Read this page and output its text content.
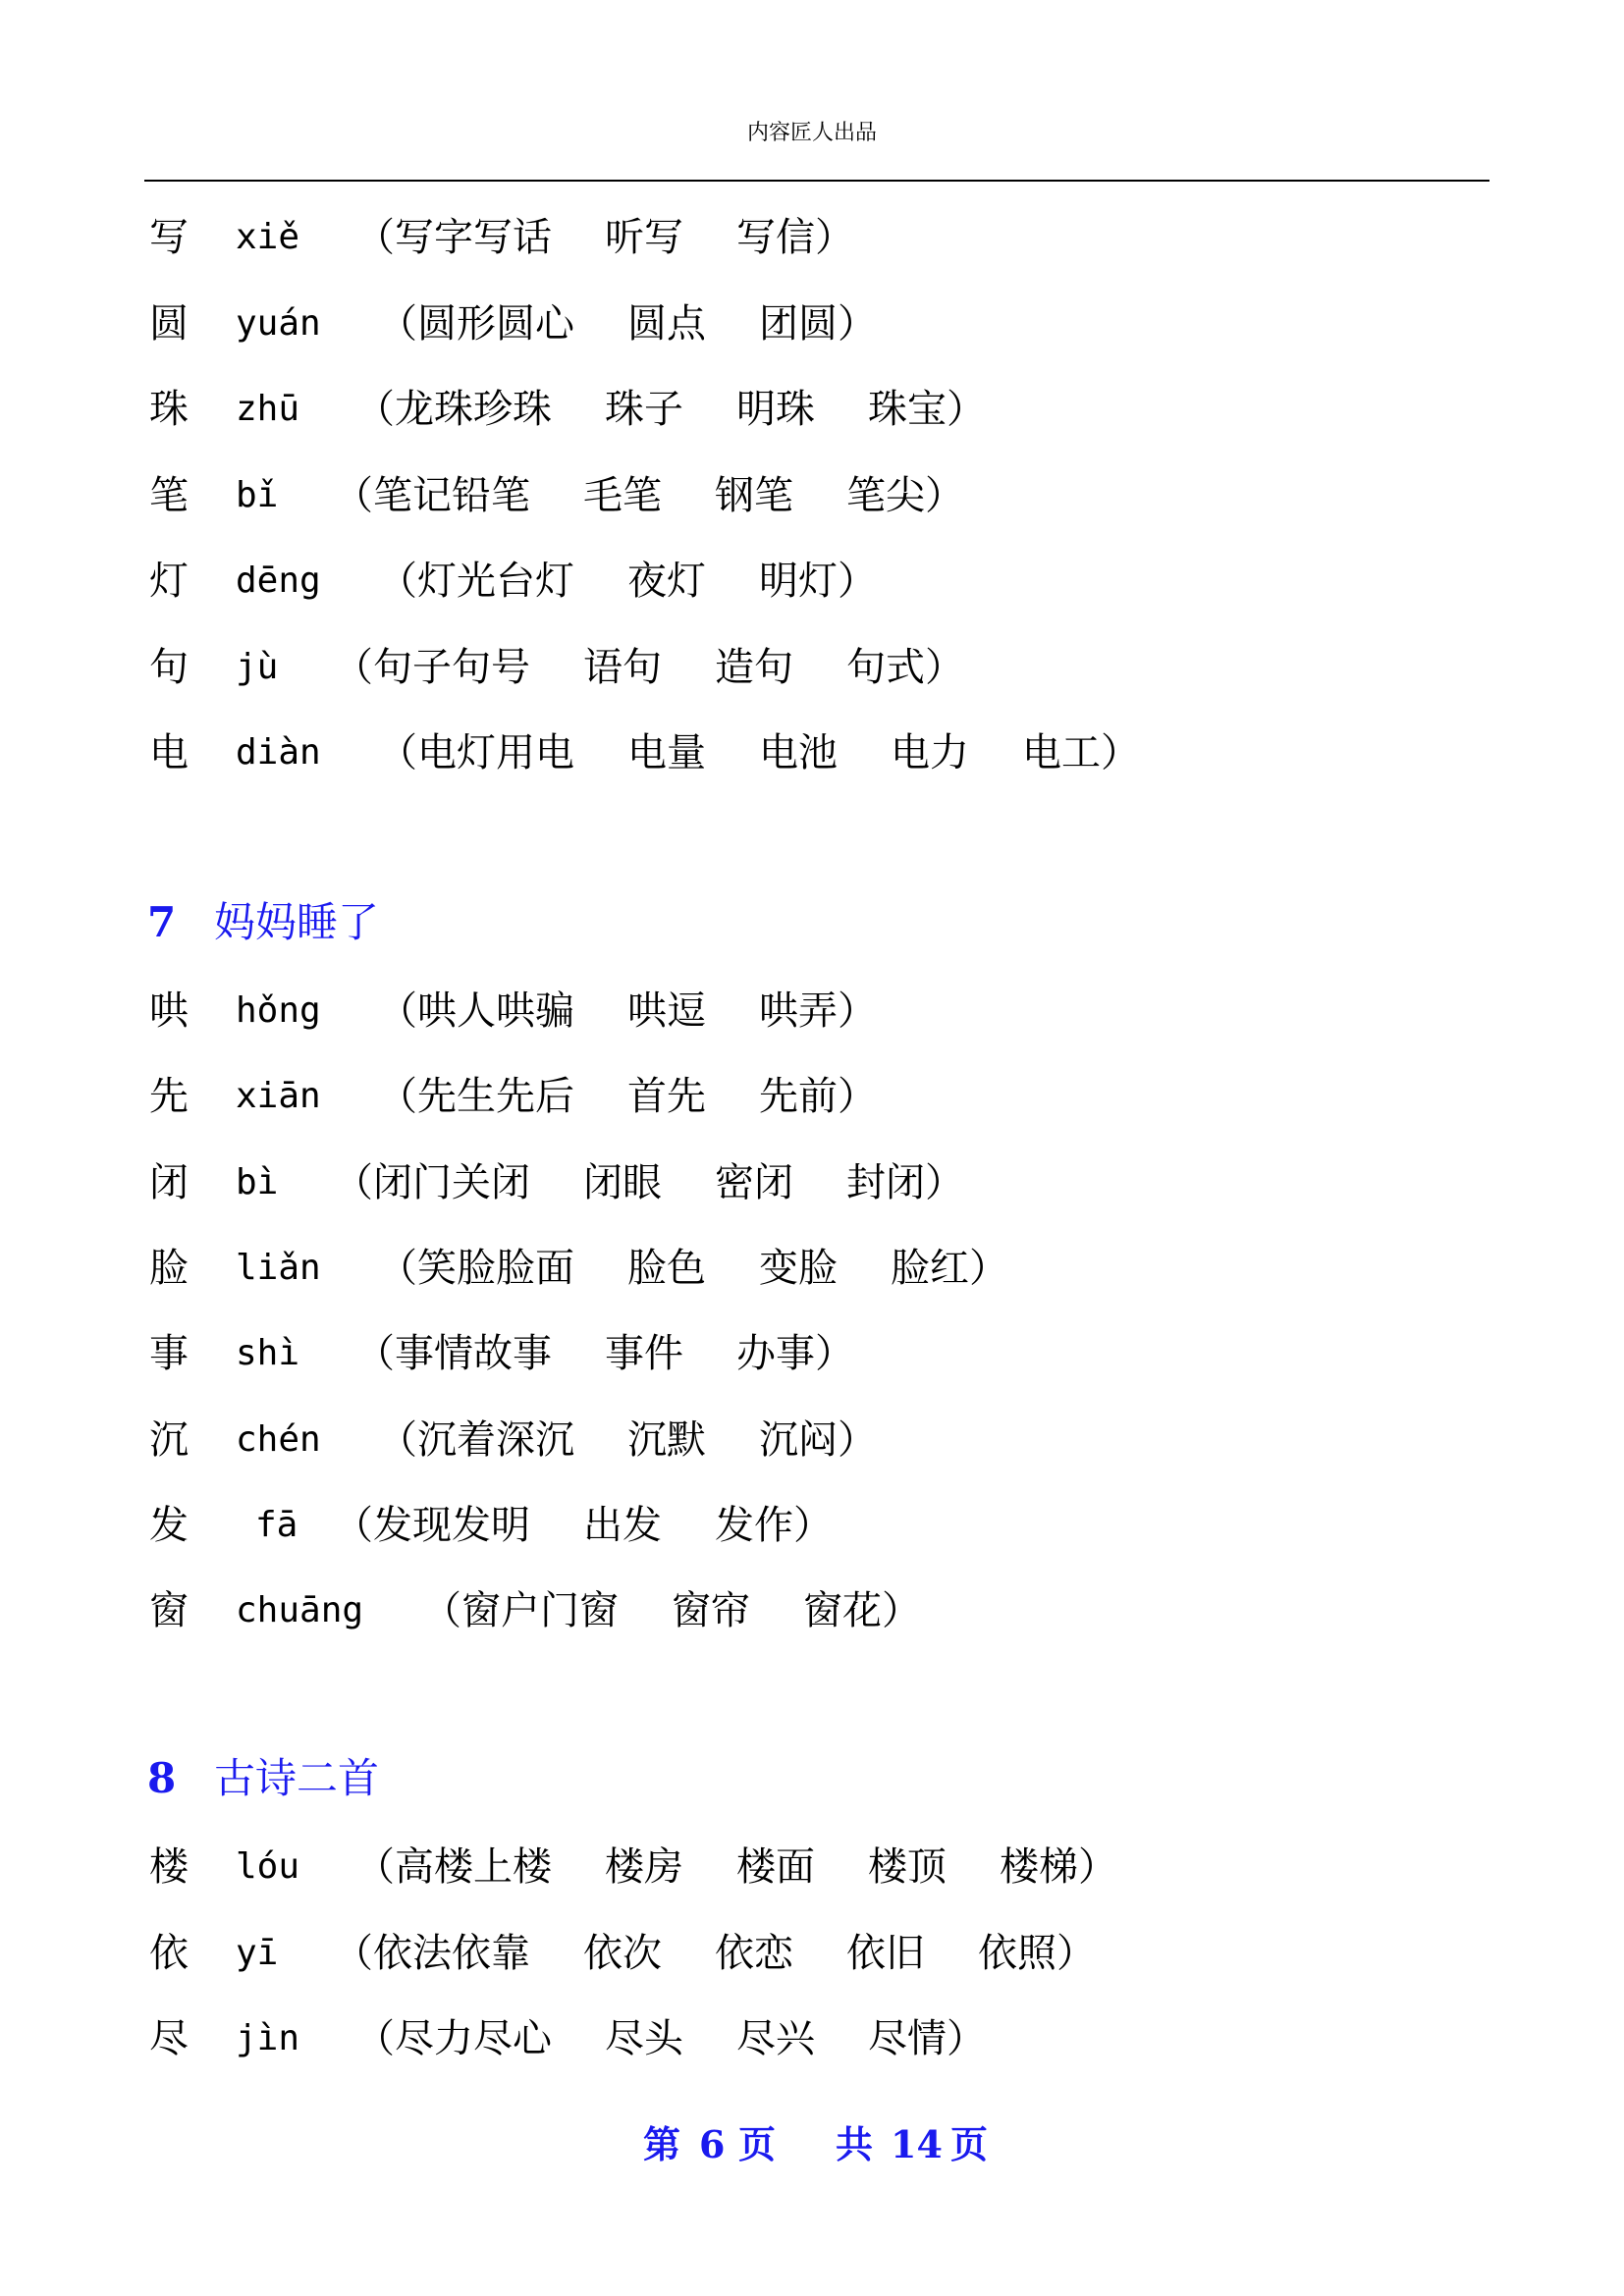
内容匠人出品
写 xiě （写字 写话 听写 写信）
圆 yuán （圆形 圆心 圆点 团圆）
珠 zhū （龙珠 珍珠 珠子 明珠 珠宝）
笔 bǐ （笔记 铅笔 毛笔 钢笔 笔尖）
灯 dēng （灯光 台灯 夜灯 明灯）
句 jù （句子 句号 语句 造句 句式）
电 diàn （电灯 用电 电量 电池 电力 电工）
7 妈妈睡了
哄 hǒng （哄人 哄骗 哄逗 哄弄）
先 xiān （先生 先后 首先 先前）
闭 bì （闭门 关闭 闭眼 密闭 封闭）
脸 liǎn （笑脸 脸面 脸色 变脸 脸红）
事 shì （事情 故事 事件 办事）
沉 chén （沉着 深沉 沉默 沉闷）
发 fā （发现 发明 出发 发作）
窗 chuāng （窗户 门窗 窗帘 窗花）
8 古诗二首
楼 lóu （高楼 上楼 楼房 楼面 楼顶 楼梯）
依 yī （依法 依靠 依次 依恋 依旧 依照）
尽 jìn （尽力 尽心 尽头 尽兴 尽情）
第 6 页 共 14 页
